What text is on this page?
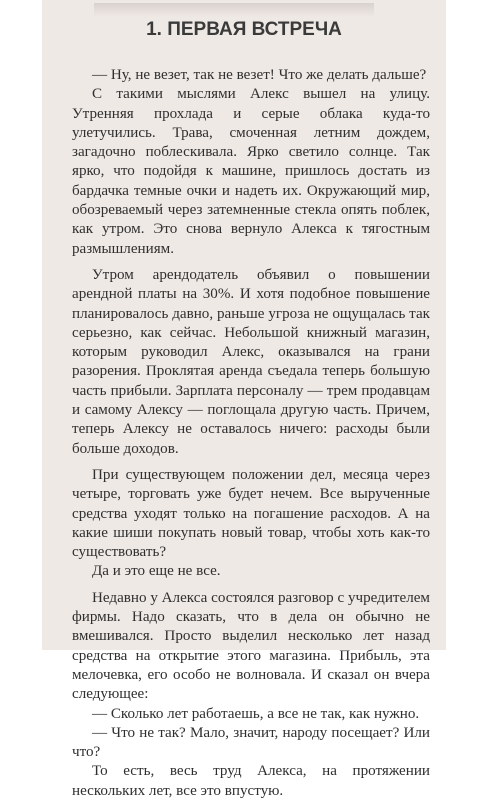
1. ПЕРВАЯ ВСТРЕЧА

— Ну, не везет, так не везет! Что же делать дальше?

С такими мыслями Алекс вышел на улицу. Утренняя прохлада и серые облака куда-то улетучились. Трава, смоченная летним дождем, загадочно поблескивала. Ярко светило солнце. Так ярко, что подойдя к машине, пришлось достать из бардачка темные очки и надеть их. Окружающий мир, обозреваемый через затемненные стекла опять поблек, как утром. Это снова вернуло Алекса к тягостным размышлениям.

Утром арендодатель объявил о повышении арендной платы на 30%. И хотя подобное повышение планировалось давно, раньше угроза не ощущалась так серьезно, как сейчас. Небольшой книжный магазин, которым руководил Алекс, оказывался на грани разорения. Проклятая аренда съедала теперь большую часть прибыли. Зарплата персоналу — трем продавцам и самому Алексу — поглощала другую часть. Причем, теперь Алексу не оставалось ничего: расходы были больше доходов.

При существующем положении дел, месяца через четыре, торговать уже будет нечем. Все вырученные средства уходят только на погашение расходов. А на какие шиши покупать новый товар, чтобы хоть как-то существовать?

Да и это еще не все.

Недавно у Алекса состоялся разговор с учредителем фирмы. Надо сказать, что в дела он обычно не вмешивался. Просто выделил несколько лет назад средства на открытие этого магазина. Прибыль, эта мелочевка, его особо не волновала. И сказал он вчера следующее:

— Сколько лет работаешь, а все не так, как нужно.

— Что не так? Мало, значит, народу посещает? Или что?

То есть, весь труд Алекса, на протяжении нескольких лет, все это впустую.
